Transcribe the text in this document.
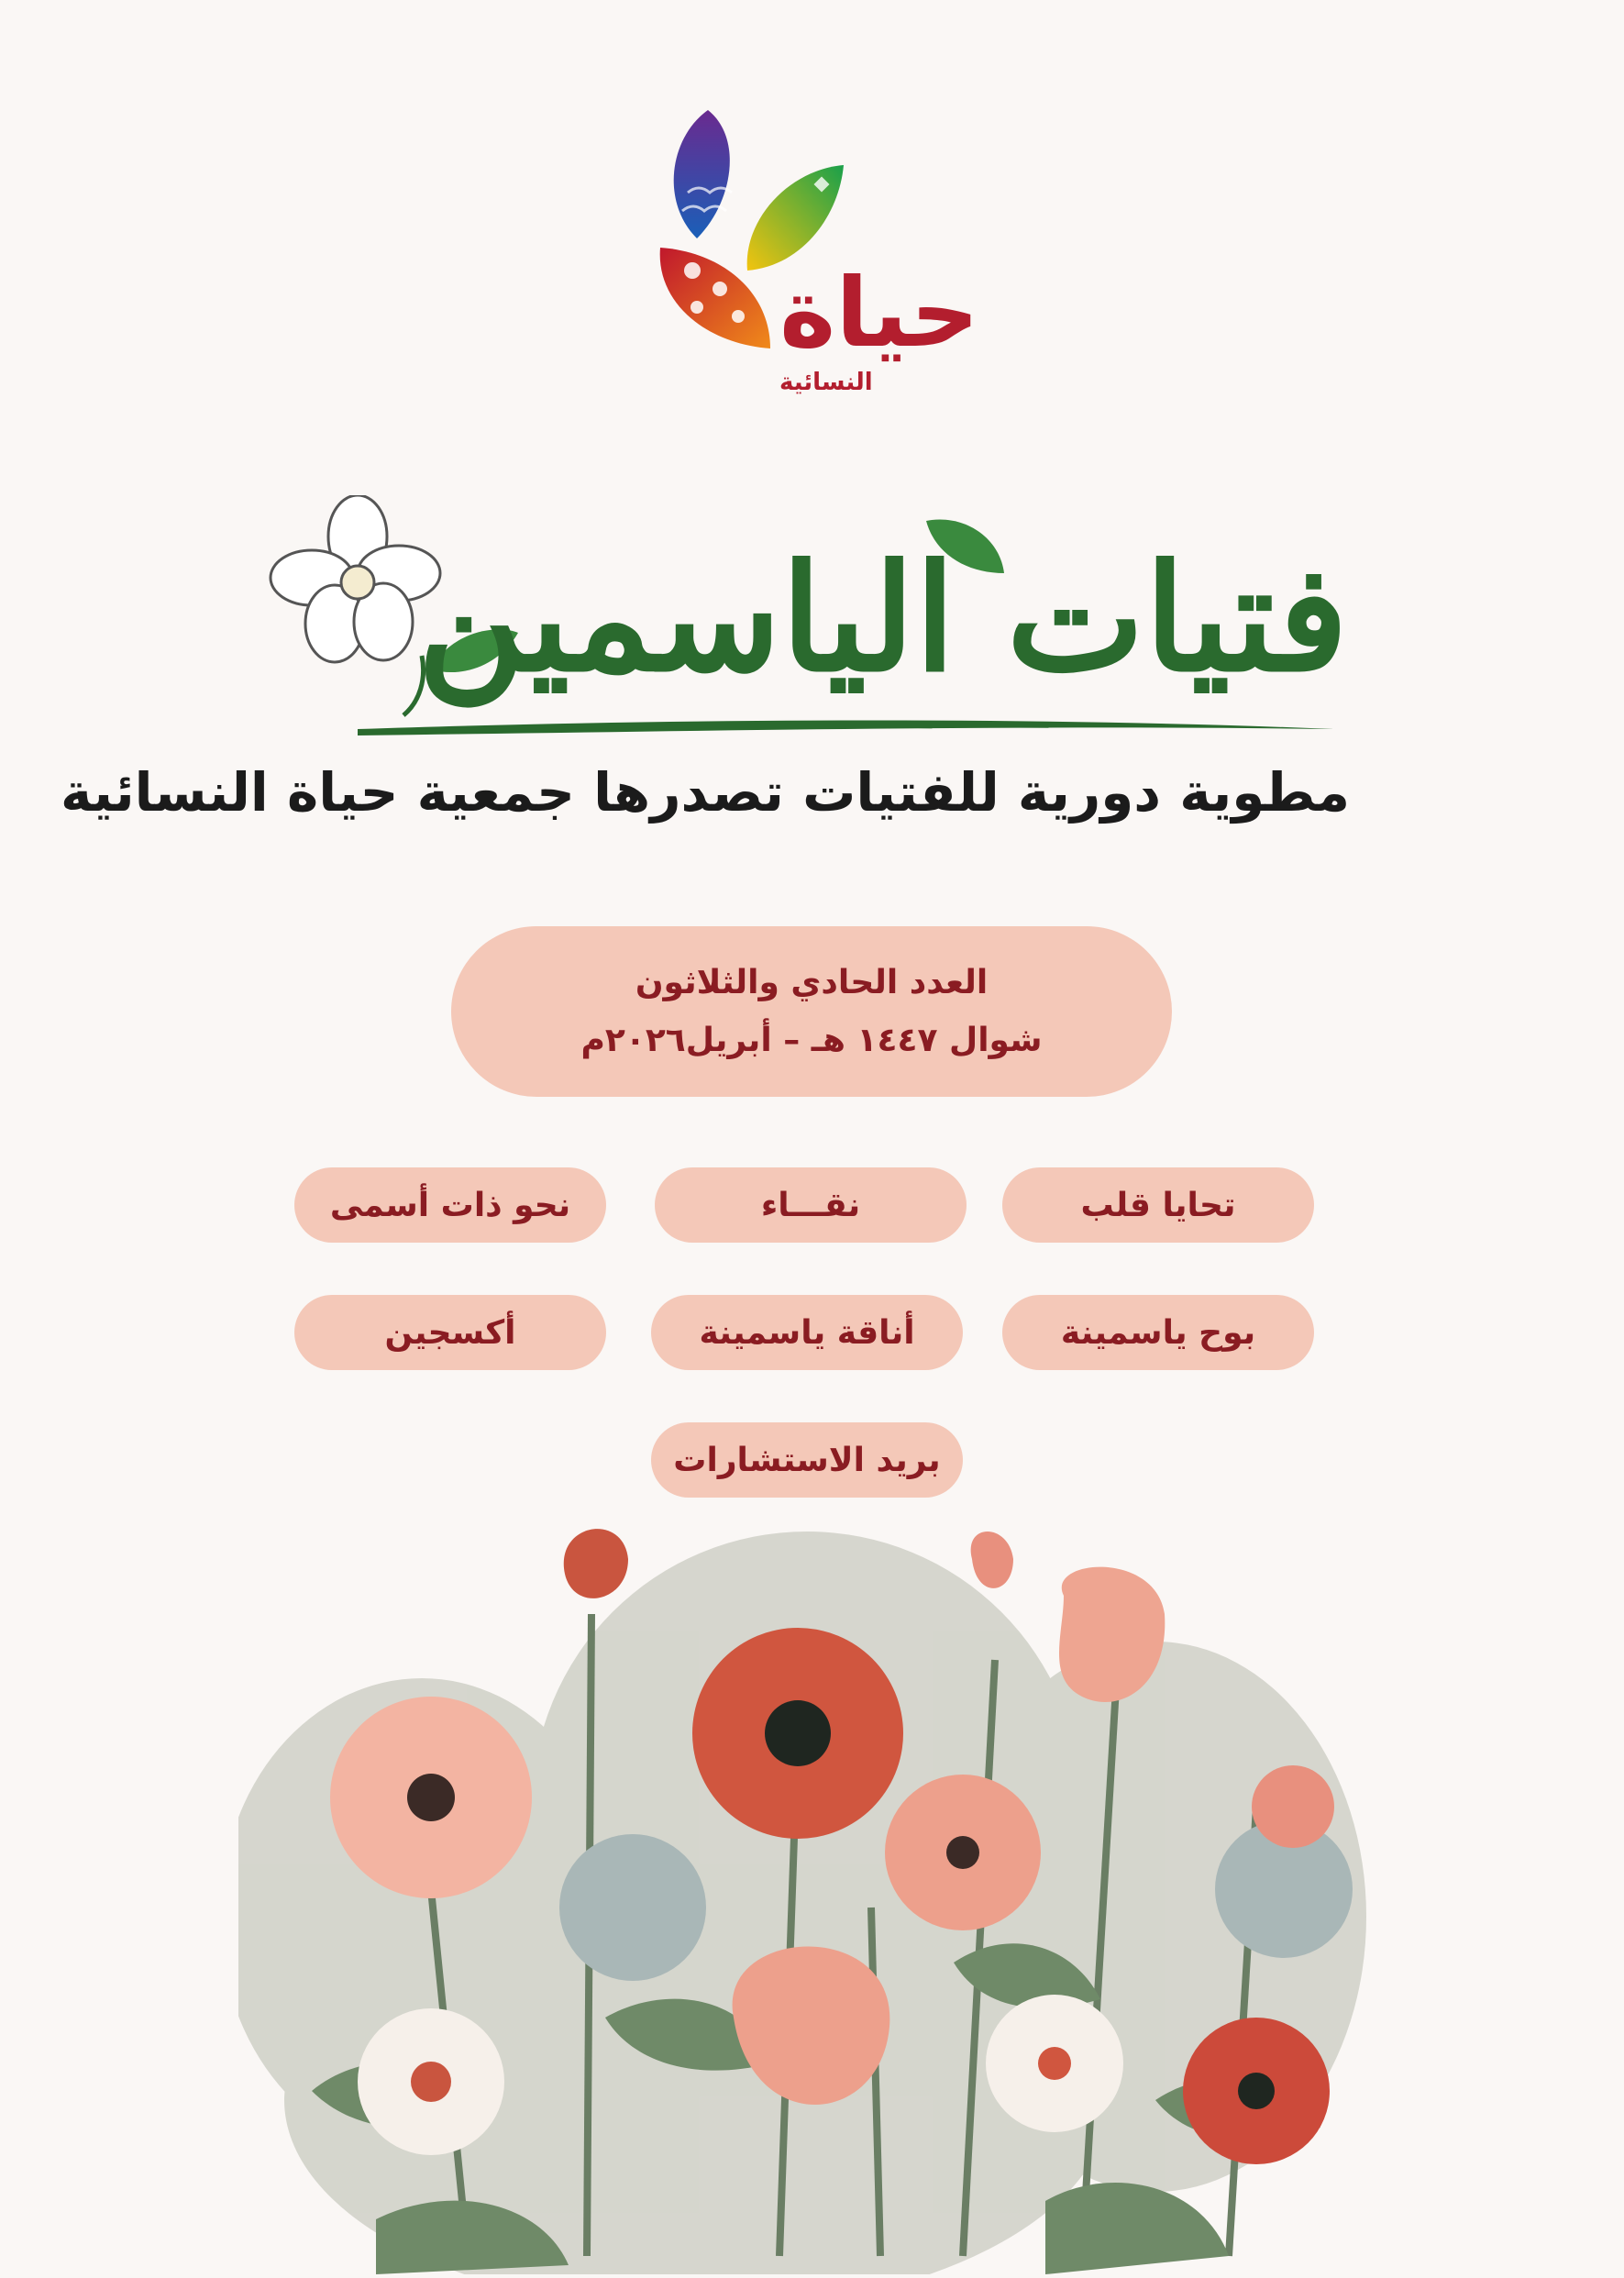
حياة
النسائية
فتيات الياسمين
مطوية دورية للفتيات تصدرها جمعية حياة النسائية
العدد الحادي والثلاثون
شوال ١٤٤٧ هـ – أبريل٢٠٢٦م
تحايا قلب
نقـــاء
نحو ذات أسمى
بوح ياسمينة
أناقة ياسمينة
أكسجين
بريد الاستشارات
